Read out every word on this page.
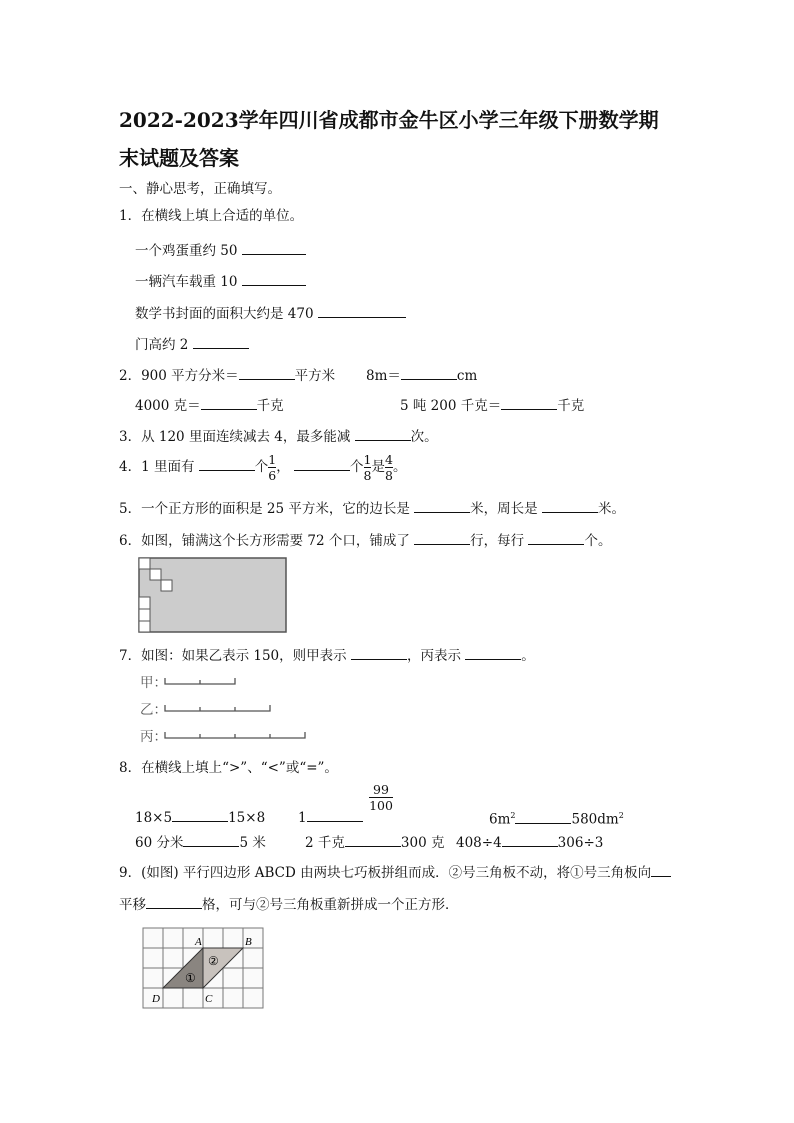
2022-2023学年四川省成都市金牛区小学三年级下册数学期
末试题及答案
一、静心思考，正确填写。
1．在横线上填上合适的单位。
一个鸡蛋重约 50
一辆汽车载重 10
数学书封面的面积大约是 470
门高约 2
2．900 平方分米＝	平方米 8m＝	cm
4000 克＝	千克	5 吨 200 千克＝	千克
3．从 120 里面连续减去 4，最多能减	次。
4．1 里面有	个 $\frac{1}{6}$ ，	个 $\frac{1}{8}$ 是 $\frac{4}{8}$ 。
5．一个正方形的面积是 25 平方米，它的边长是	米，周长是	米。
6．如图，铺满这个长方形需要 72 个口，铺成了	行，每行	个。
7．如图：如果乙表示 150，则甲表示	，丙表示	。
甲：
乙：
丙：
8．在横线上填上“>”、“<”或“=”。
18×5	15×8 1
99
100
$6m^2$	$580dm^2$
60 分米	5 米	2 千克	300 克 408÷4	306÷3
9．(如图) 平行四边形 ABCD 由两块七巧板拼组而成．②号三角板不动，将①号三角板向
平移	格，可与②号三角板重新拼成一个正方形．
A	B
C
D
①
②
